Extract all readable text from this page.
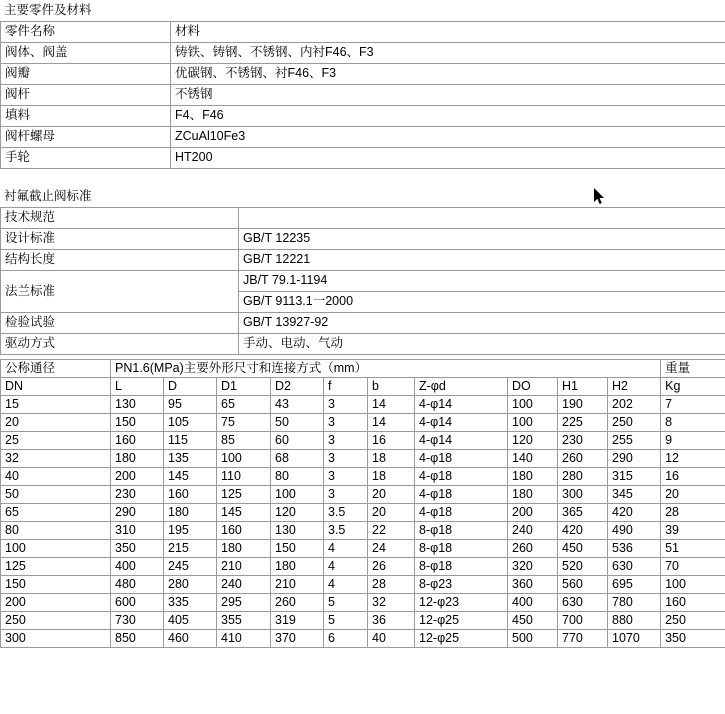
主要零件及材料
零件名称	材料
阀体、阀盖	铸铁、铸钢、不锈钢、内衬F46、F3
阀瓣	优碳钢、不锈钢、衬F46、F3
阀杆	不锈钢
填料	F4、F46
阀杆螺母	ZCuAl10Fe3
手轮	HT200
衬氟截止阀标准
技术规范	
设计标准	GB/T 12235
结构长度	GB/T 12221
法兰标准	JB/T 79.1-1194
	GB/T 9113.1一2000
检验试验	GB/T 13927-92
驱动方式	手动、电动、气动
公称通径	PN1.6(MPa)主要外形尺寸和连接方式（mm）										重量
DN	L	D	D1	D2	f	b	Z-φd	DO	H1	H2	Kg
15	130	95	65	43	3	14	4-φ14	100	190	202	7
20	150	105	75	50	3	14	4-φ14	100	225	250	8
25	160	115	85	60	3	16	4-φ14	120	230	255	9
32	180	135	100	68	3	18	4-φ18	140	260	290	12
40	200	145	110	80	3	18	4-φ18	180	280	315	16
50	230	160	125	100	3	20	4-φ18	180	300	345	20
65	290	180	145	120	3.5	20	4-φ18	200	365	420	28
80	310	195	160	130	3.5	22	8-φ18	240	420	490	39
100	350	215	180	150	4	24	8-φ18	260	450	536	51
125	400	245	210	180	4	26	8-φ18	320	520	630	70
150	480	280	240	210	4	28	8-φ23	360	560	695	100
200	600	335	295	260	5	32	12-φ23	400	630	780	160
250	730	405	355	319	5	36	12-φ25	450	700	880	250
300	850	460	410	370	6	40	12-φ25	500	770	1070	350
